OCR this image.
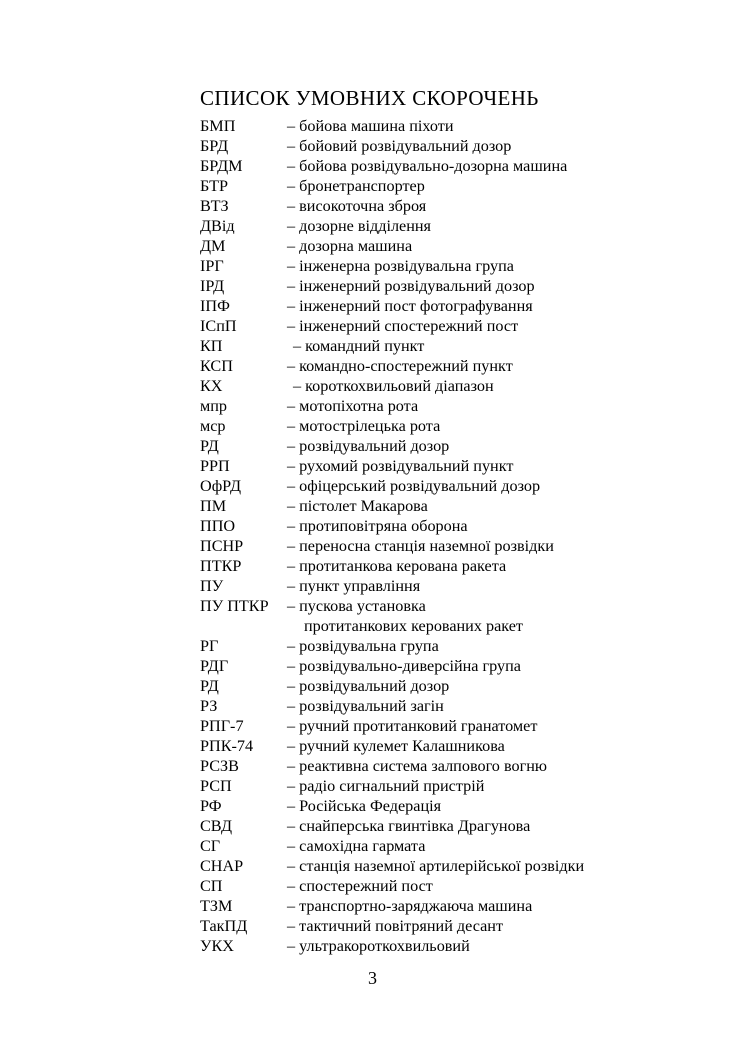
СПИСОК УМОВНИХ СКОРОЧЕНЬ
БМП	– бойова машина піхоти
БРД	– бойовий розвідувальний дозор
БРДМ	– бойова розвідувально-дозорна машина
БТР	– бронетранспортер
ВТЗ	– високоточна зброя
ДВід	– дозорне відділення
ДМ	– дозорна машина
ІРГ	– інженерна розвідувальна група
ІРД	– інженерний розвідувальний дозор
ІПФ	– інженерний пост фотографування
ІСпП	– інженерний спостережний пост
КП	– командний пункт
КСП	– командно-спостережний пункт
КХ	– короткохвильовий діапазон
мпр	– мотопіхотна рота
мср	– мотострілецька рота
РД	– розвідувальний дозор
РРП	– рухомий розвідувальний пункт
ОфРД	– офіцерський розвідувальний дозор
ПМ	– пістолет Макарова
ППО	– протиповітряна оборона
ПСНР	– переносна станція наземної розвідки
ПТКР	– протитанкова керована ракета
ПУ	– пункт управління
ПУ ПТКР – пускова установка
протитанкових керованих ракет
РГ	– розвідувальна група
РДГ	– розвідувально-диверсійна група
РД	– розвідувальний дозор
РЗ	– розвідувальний загін
РПГ-7	– ручний протитанковий гранатомет
РПК-74 – ручний кулемет Калашникова
РСЗВ	– реактивна система залпового вогню
РСП	– радіо сигнальний пристрій
РФ	– Російська Федерація
СВД	– снайперська гвинтівка Драгунова
СГ	– самохідна гармата
СНАР	– станція наземної артилерійської розвідки
СП	– спостережний пост
ТЗМ	– транспортно-заряджаюча машина
ТакПД – тактичний повітряний десант
УКХ	– ультракороткохвильовий
3
